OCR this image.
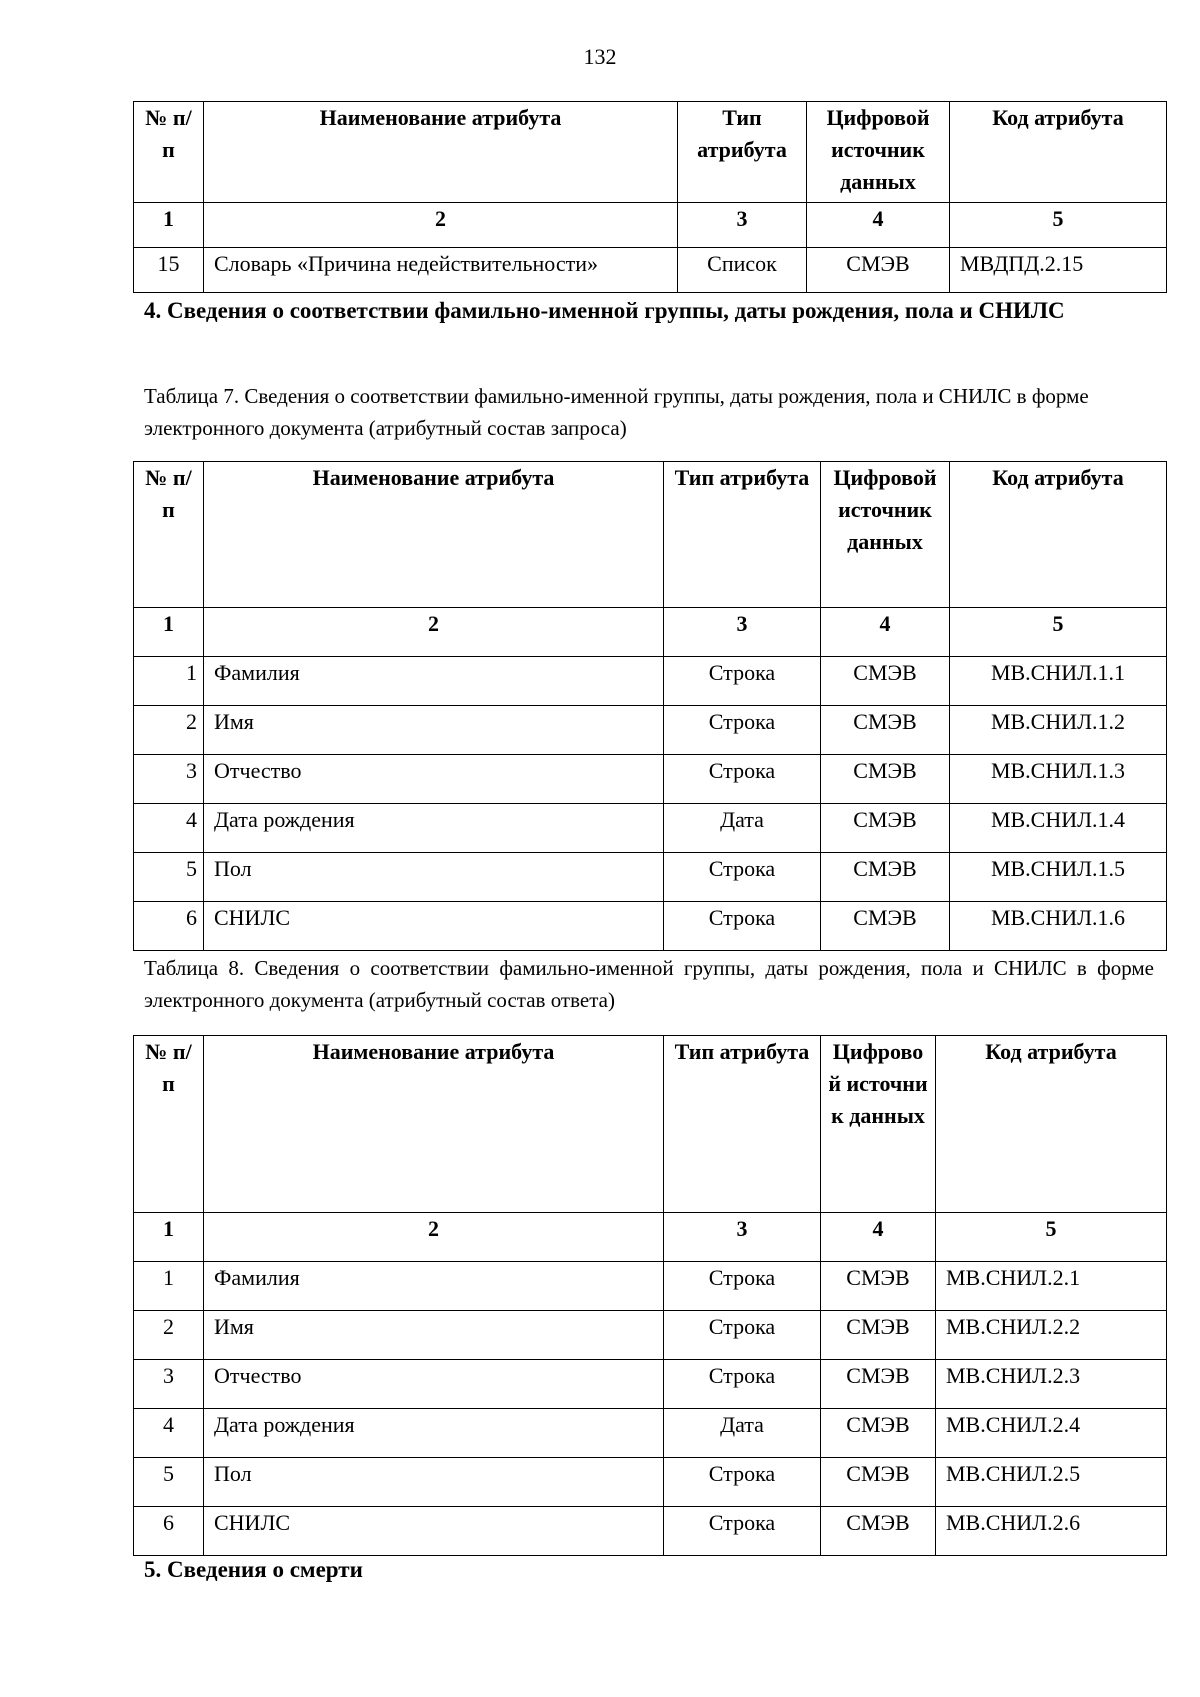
132
№ п/п	Наименование атрибута	Тип атрибута	Цифровой источник данных	Код атрибута
1	2	3	4	5
15	Словарь «Причина недействительности»	Список	СМЭВ	МВДПД.2.15
4. Сведения о соответствии фамильно-именной группы, даты рождения, пола и СНИЛС
Таблица 7. Сведения о соответствии фамильно-именной группы, даты рождения, пола и СНИЛС в форме электронного документа (атрибутный состав запроса)
№ п/п	Наименование атрибута	Тип атрибута	Цифровой источник данных	Код атрибута
1	2	3	4	5
1	Фамилия	Строка	СМЭВ	МВ.СНИЛ.1.1
2	Имя	Строка	СМЭВ	МВ.СНИЛ.1.2
3	Отчество	Строка	СМЭВ	МВ.СНИЛ.1.3
4	Дата рождения	Дата	СМЭВ	МВ.СНИЛ.1.4
5	Пол	Строка	СМЭВ	МВ.СНИЛ.1.5
6	СНИЛС	Строка	СМЭВ	МВ.СНИЛ.1.6
Таблица 8. Сведения о соответствии фамильно-именной группы, даты рождения, пола и СНИЛС в форме электронного документа (атрибутный состав ответа)
№ п/п	Наименование атрибута	Тип атрибута	Цифровой источник данных	Код атрибута
1	2	3	4	5
1	Фамилия	Строка	СМЭВ	МВ.СНИЛ.2.1
2	Имя	Строка	СМЭВ	МВ.СНИЛ.2.2
3	Отчество	Строка	СМЭВ	МВ.СНИЛ.2.3
4	Дата рождения	Дата	СМЭВ	МВ.СНИЛ.2.4
5	Пол	Строка	СМЭВ	МВ.СНИЛ.2.5
6	СНИЛС	Строка	СМЭВ	МВ.СНИЛ.2.6
5. Сведения о смерти
